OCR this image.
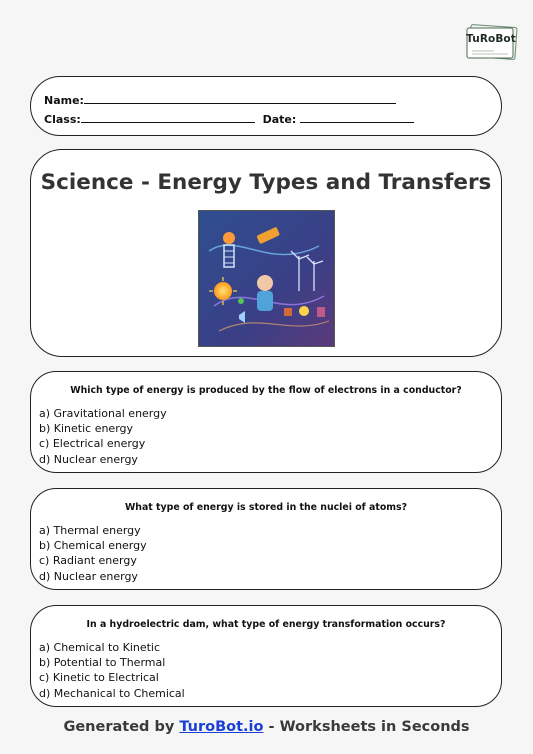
TuRoBot
Name:
Class:	Date:
Science - Energy Types and Transfers
Which type of energy is produced by the flow of electrons in a conductor?
a) Gravitational energy
b) Kinetic energy
c) Electrical energy
d) Nuclear energy
What type of energy is stored in the nuclei of atoms?
a) Thermal energy
b) Chemical energy
c) Radiant energy
d) Nuclear energy
In a hydroelectric dam, what type of energy transformation occurs?
a) Chemical to Kinetic
b) Potential to Thermal
c) Kinetic to Electrical
d) Mechanical to Chemical
Generated by TuroBot.io - Worksheets in Seconds
